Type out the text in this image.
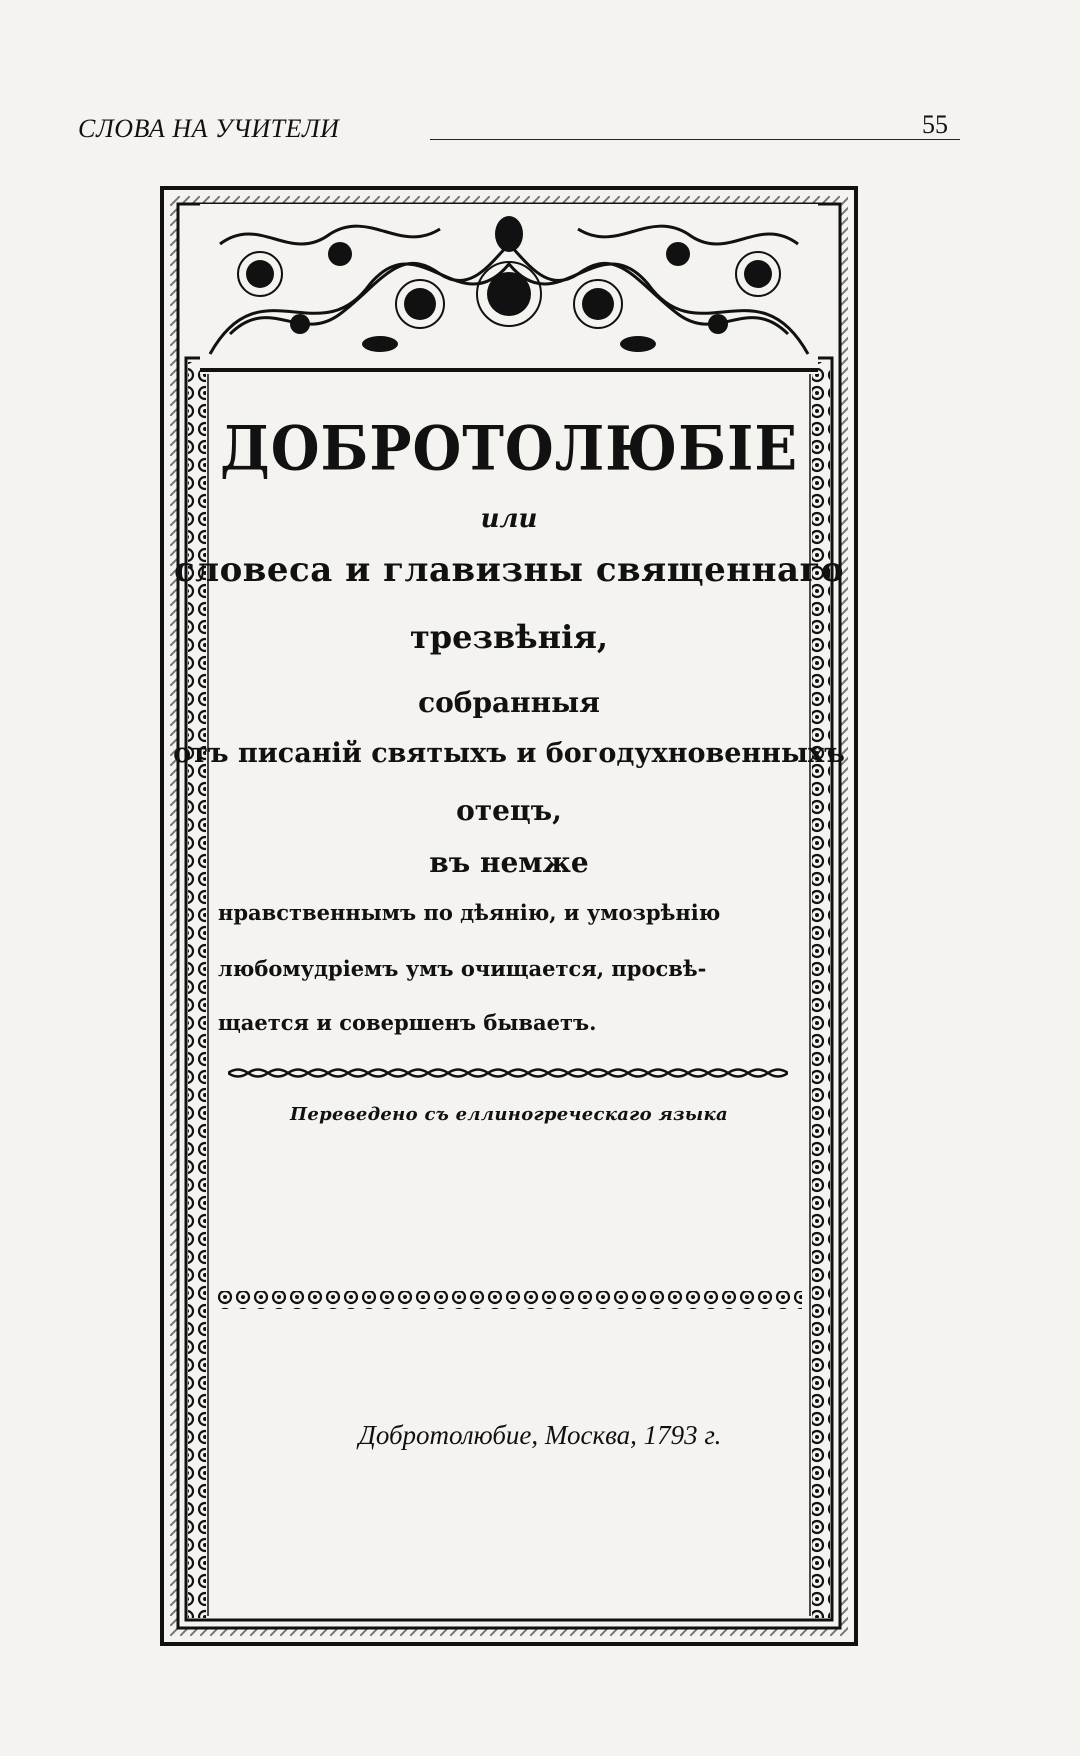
СЛОВА НА УЧИТЕЛИ	55
ДОБРОТОЛЮБІЕ
или
словеса и главизны священнаго
трезвѣнія,
собранныя
отъ писаній святыхъ и богодухновенныхъ
отецъ,
въ немже
нравственнымъ по дѣянію, и умозрѣнію
любомудріемъ умъ очищается, просвѣ-
щается и совершенъ бываетъ.
Переведено съ еллиногреческаго языка
Добротолюбие, Москва, 1793 г.
